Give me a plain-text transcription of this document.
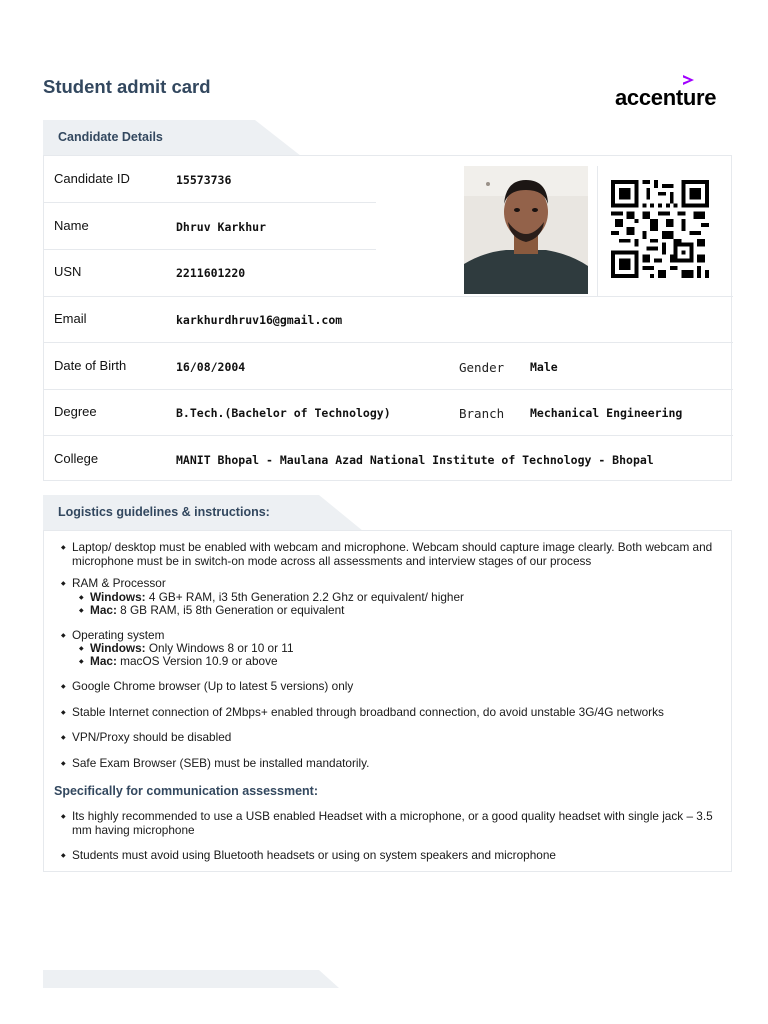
Student admit card	accenture
Candidate Details
Candidate ID	15573736
Name	Dhruv Karkhur
USN	2211601220
Email	karkhurdhruv16@gmail.com
Date of Birth	16/08/2004	Gender Male
Degree	B.Tech.(Bachelor of Technology)	Branch Mechanical Engineering
College	MANIT Bhopal - Maulana Azad National Institute of Technology - Bhopal
Logistics guidelines & instructions:
◆ Laptop/ desktop must be enabled with webcam and microphone. Webcam should capture image clearly. Both webcam and microphone must be in switch-on mode across all assessments and interview stages of our process
◆ RAM & Processor
◆ Windows: 4 GB+ RAM, i3 5th Generation 2.2 Ghz or equivalent/ higher
◆ Mac: 8 GB RAM, i5 8th Generation or equivalent
◆ Operating system
◆ Windows: Only Windows 8 or 10 or 11
◆ Mac: macOS Version 10.9 or above
◆ Google Chrome browser (Up to latest 5 versions) only
◆ Stable Internet connection of 2Mbps+ enabled through broadband connection, do avoid unstable 3G/4G networks
◆ VPN/Proxy should be disabled
◆ Safe Exam Browser (SEB) must be installed mandatorily.
Specifically for communication assessment:
◆ Its highly recommended to use a USB enabled Headset with a microphone, or a good quality headset with single jack – 3.5 mm having microphone
◆ Students must avoid using Bluetooth headsets or using on system speakers and microphone
